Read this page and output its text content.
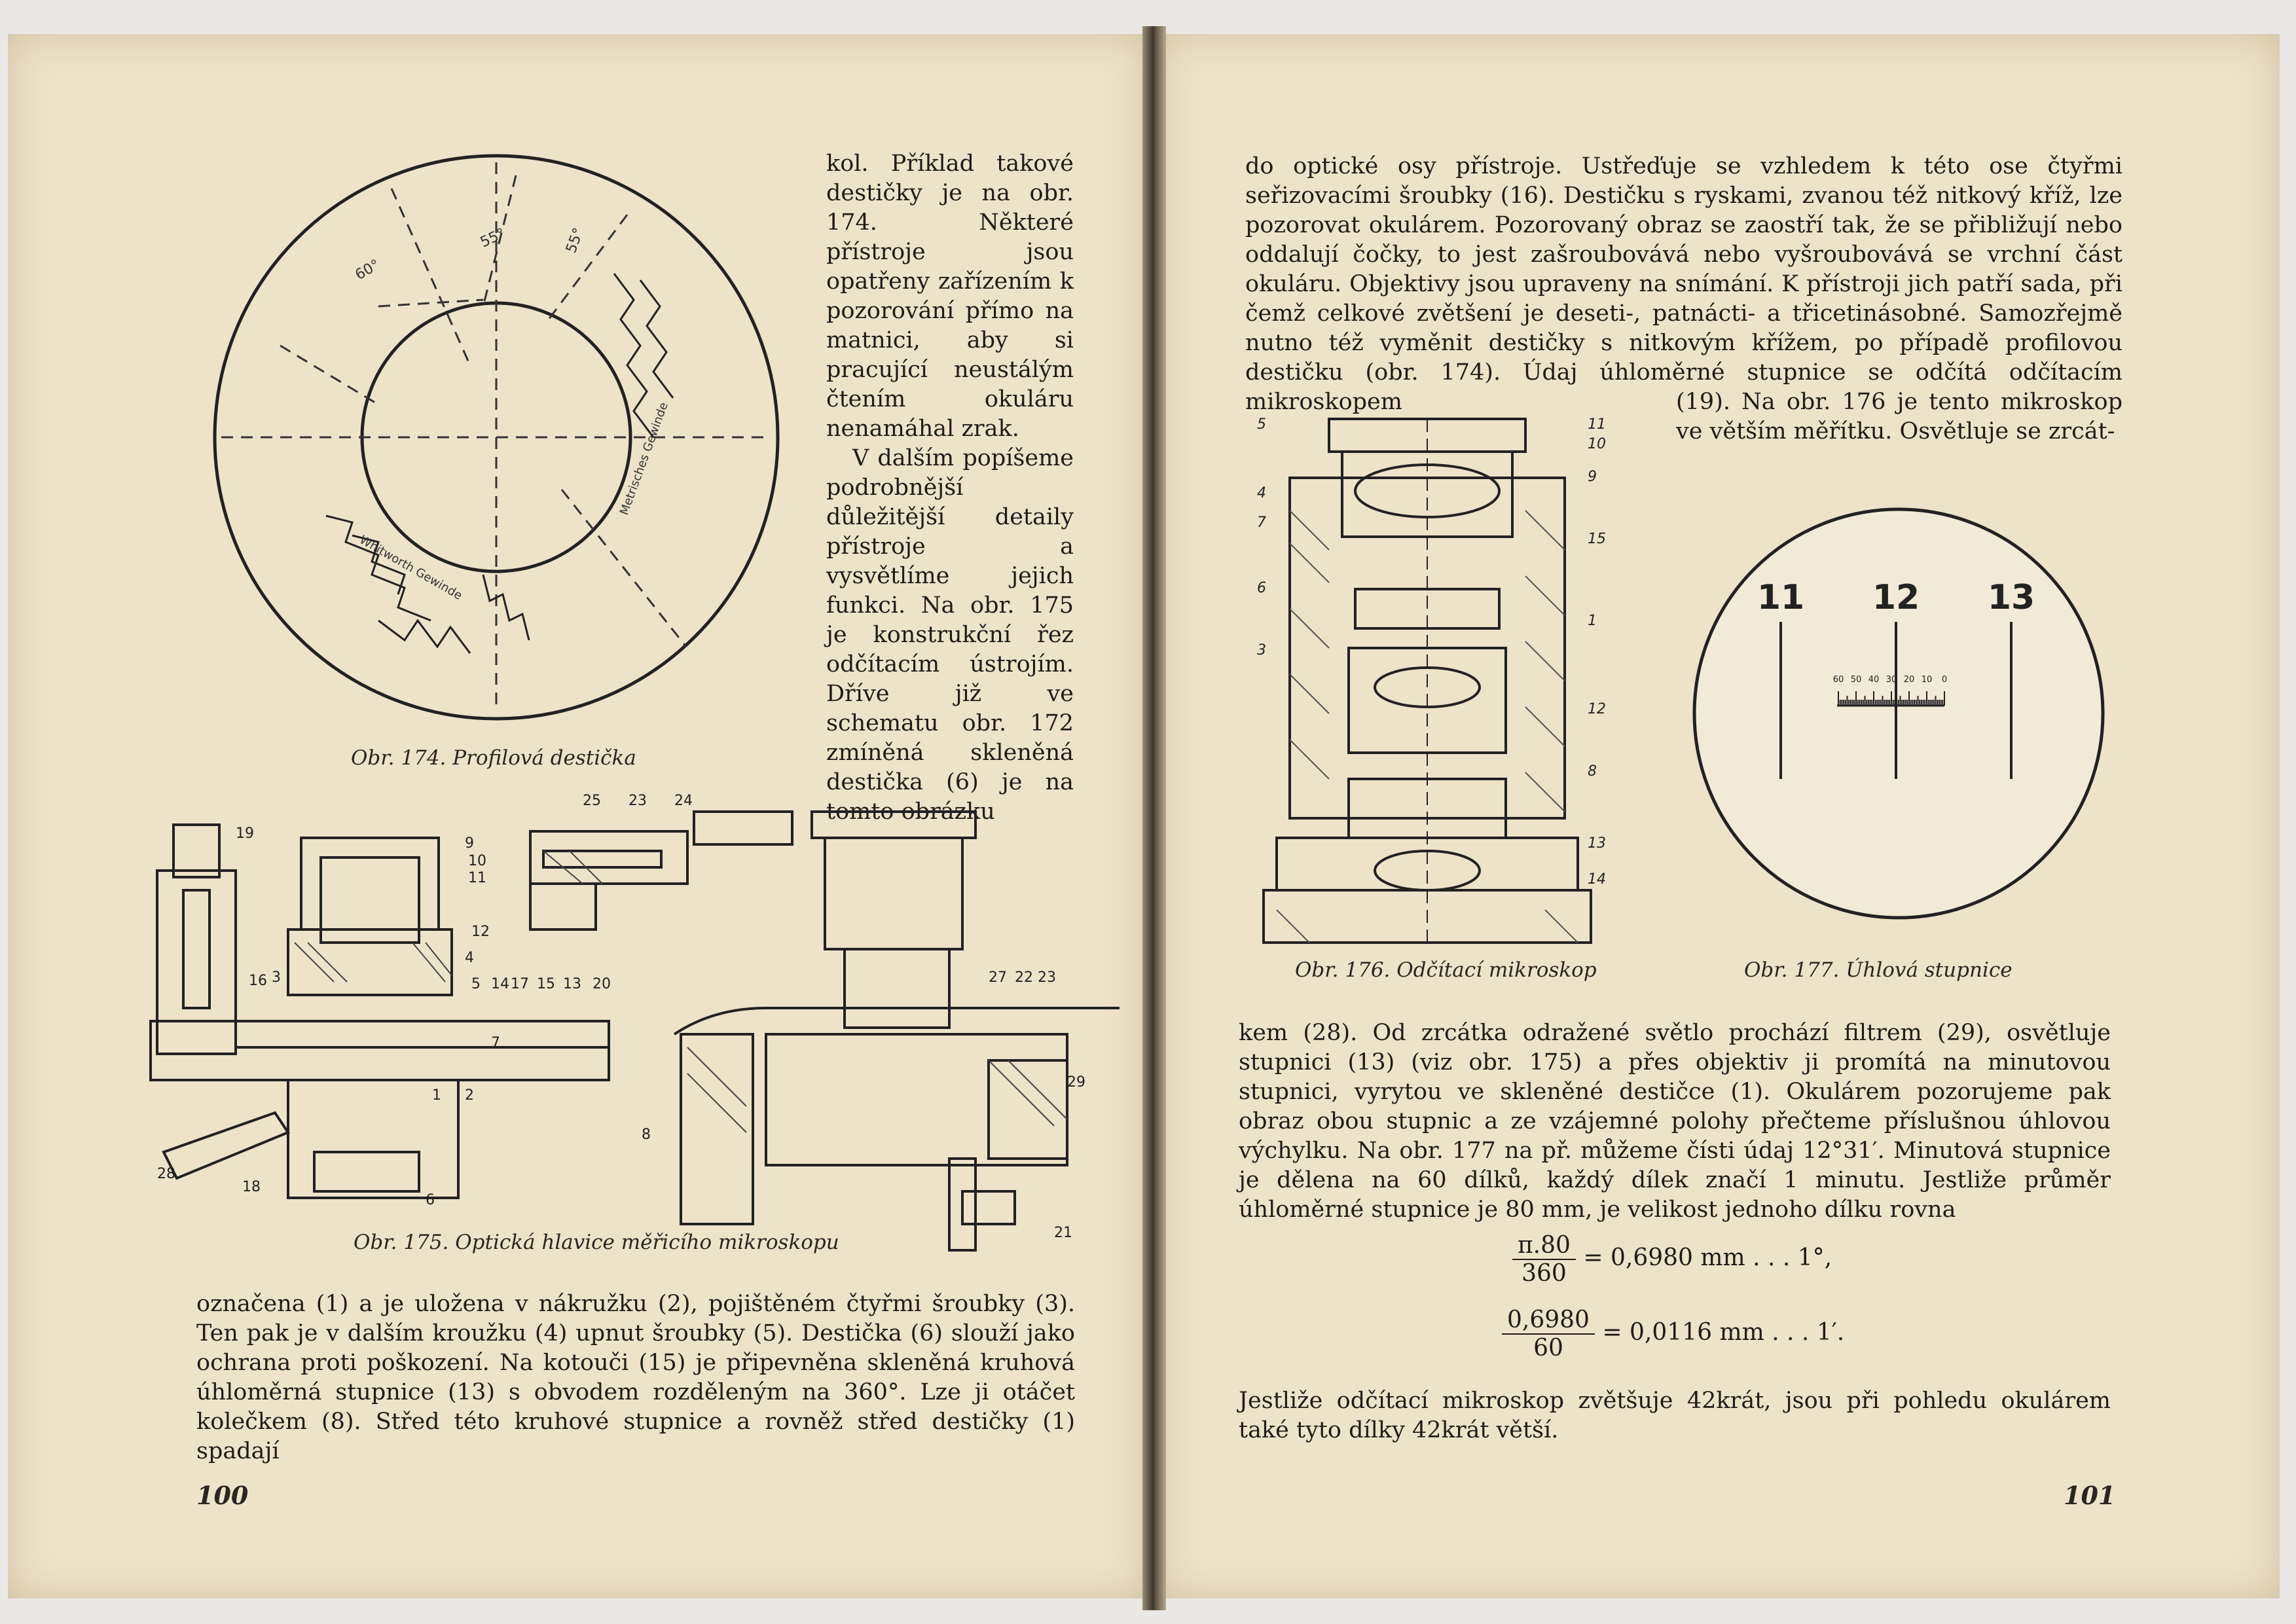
60°
55°	55°
Whitworth Gewinde
Metrisches Gewinde
Obr. 174. Profilová destička

kol. Příklad takové destičky je na obr. 174. Některé přístroje jsou opatřeny zařízením k pozorování přímo na matnici, aby si pracující neustálým čtením okuláru nenamáhal zrak.

V dalším popíšeme podrobnější důležitější detaily přístroje a vysvětlíme jejich funkci. Na obr. 175 je konstrukční řez odčítacím ústrojím. Dříve již ve schematu obr. 172 zmíněná skleněná destička (6) je na tomto obrázku

19
9
10
11
12
4
5 14 17 15 13 20
16 3
1 2
28
18
6
7
25 23 24
27 22 23
29
21
8
Obr. 175. Optická hlavice měřicího mikroskopu
označena (1) a je uložena v nákružku (2), pojištěném čtyřmi šroubky (3). Ten pak je v dalším kroužku (4) upnut šroubky (5). Destička (6) slouží jako ochrana proti poškození. Na kotouči (15) je připevněna skleněná kruhová úhloměrná stupnice (13) s obvodem rozděleným na 360°. Lze ji otáčet kolečkem (8). Střed této kruhové stupnice a rovněž střed destičky (1) spadají
100
do optické osy přístroje. Ustřeďuje se vzhledem k této ose čtyřmi seřizovacími šroubky (16). Destičku s ryskami, zvanou též nitkový kříž, lze pozorovat okulárem. Pozorovaný obraz se zaostří tak, že se přibližují nebo oddalují čočky, to jest zašroubovává nebo vyšroubovává se vrchní část okuláru. Objektivy jsou upraveny na snímání. K přístroji jich patří sada, při čemž celkové zvětšení je deseti-, patnácti- a třicetinásobné. Samozřejmě nutno též vyměnit destičky s nitkovým křížem, po případě profilovou destičku (obr. 174). Údaj úhloměrné stupnice se odčítá odčítacím mikroskopem	(19). Na obr. 176 je tento mikroskop ve větším měřítku. Osvětluje se zrcát-
5	11
10
9
4
7
15
6
1
3
12
8
13
14
Obr. 176. Odčítací mikroskop
11 12 13
60 50 40 30 20 10 0
Obr. 177. Úhlová stupnice
kem (28). Od zrcátka odražené světlo prochází filtrem (29), osvětluje stupnici (13) (viz obr. 175) a přes objektiv ji promítá na minutovou stupnici, vyrytou ve skleněné destičce (1). Okulárem pozorujeme pak obraz obou stupnic a ze vzájemné polohy přečteme příslušnou úhlovou výchylku. Na obr. 177 na př. můžeme čísti údaj 12°31′. Minutová stupnice je dělena na 60 dílků, každý dílek značí 1 minutu. Jestliže průměr úhloměrné stupnice je 80 mm, je velikost jednoho dílku rovna
$\frac{\pi.80}{360} = 0,6980$ mm . . . 1°,
$\frac{0,6980}{60} = 0,0116$ mm . . . 1′.
Jestliže odčítací mikroskop zvětšuje 42krát, jsou při pohledu okulárem také tyto dílky 42krát větší.
101
